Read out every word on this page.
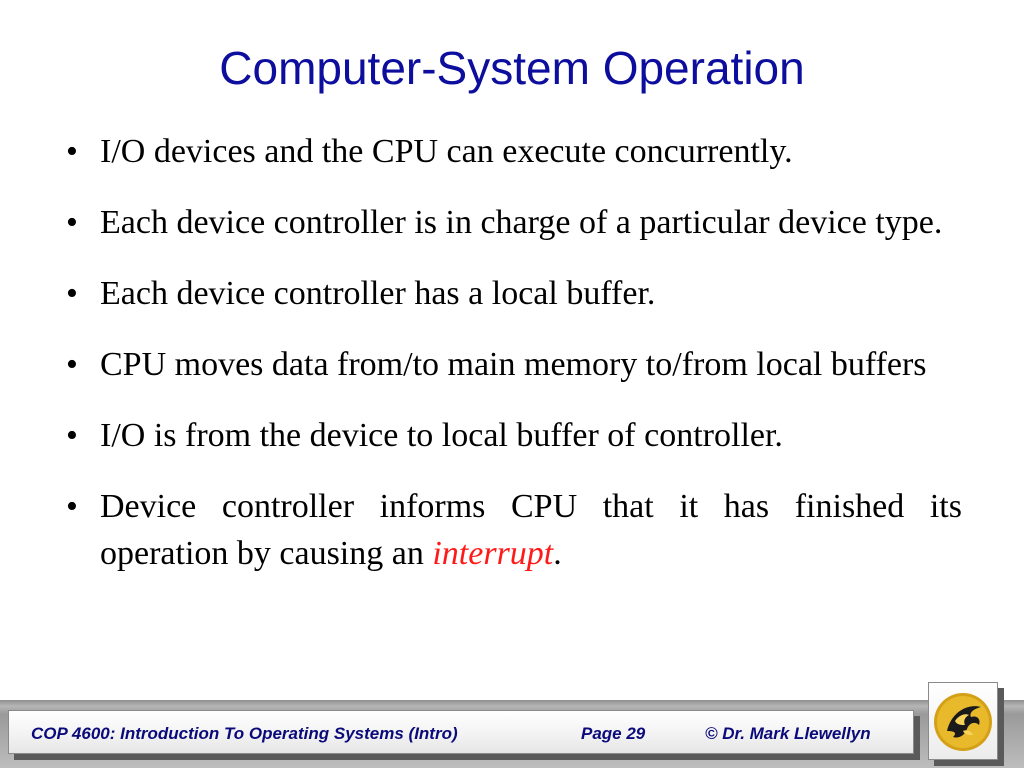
Computer-System Operation
• I/O devices and the CPU can execute concurrently.
• Each device controller is in charge of a particular device type.
• Each device controller has a local buffer.
• CPU moves data from/to main memory to/from local buffers
• I/O is from the device to local buffer of controller.
• Device controller informs CPU that it has finished its operation by causing an interrupt.
COP 4600: Introduction To Operating Systems (Intro)	Page 29	© Dr. Mark Llewellyn
